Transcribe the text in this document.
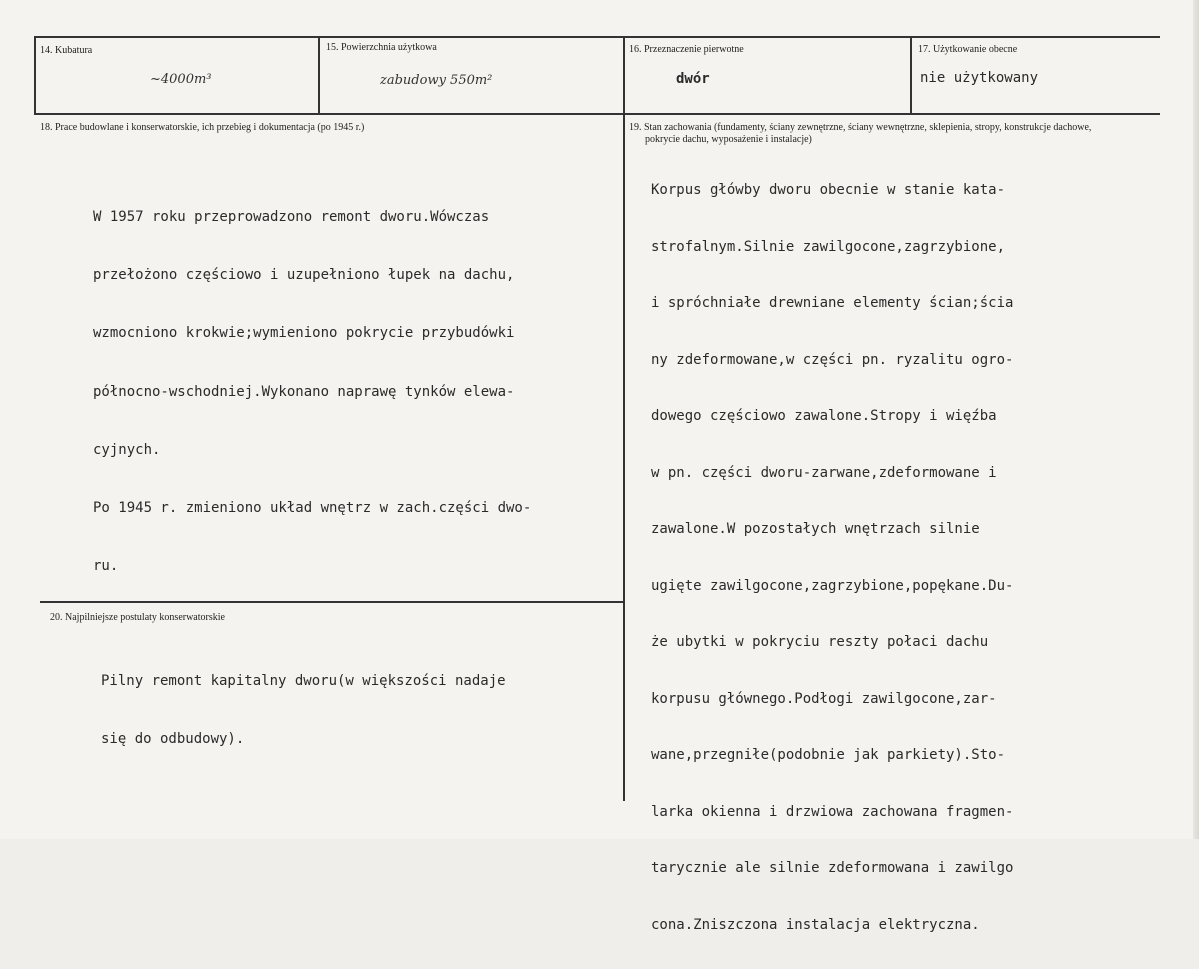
14. Kubatura
~4000m³
15. Powierzchnia użytkowa
zabudowy 550m²
16. Przeznaczenie pierwotne
dwór
17. Użytkowanie obecne
nie użytkowany
18. Prace budowlane i konserwatorskie, ich przebieg i dokumentacja (po 1945 r.)

W 1957 roku przeprowadzono remont dworu.Wówczas

przełożono częściowo i uzupełniono łupek na dachu,

wzmocniono krokwie;wymieniono pokrycie przybudówki

północno-wschodniej.Wykonano naprawę tynków elewa-

cyjnych.

Po 1945 r. zmieniono układ wnętrz w zach.części dwo-

ru.

19. Stan zachowania (fundamenty, ściany zewnętrzne, ściany wewnętrzne, sklepienia, stropy, konstrukcje dachowe,
pokrycie dachu, wyposażenie i instalacje)

Korpus główby dworu obecnie w stanie kata-

strofalnym.Silnie zawilgocone,zagrzybione,

i spróchniałe drewniane elementy ścian;ścia

ny zdeformowane,w części pn. ryzalitu ogro-

dowego częściowo zawalone.Stropy i więźba

w pn. części dworu-zarwane,zdeformowane i

zawalone.W pozostałych wnętrzach silnie

ugięte zawilgocone,zagrzybione,popękane.Du-

że ubytki w pokryciu reszty połaci dachu

korpusu głównego.Podłogi zawilgocone,zar-

wane,przegniłe(podobnie jak parkiety).Sto-

larka okienna i drzwiowa zachowana fragmen-

tarycznie ale silnie zdeformowana i zawilgo

cona.Zniszczona instalacja elektryczna.

20. Najpilniejsze postulaty konserwatorskie

Pilny remont kapitalny dworu(w większości nadaje

się do odbudowy).
